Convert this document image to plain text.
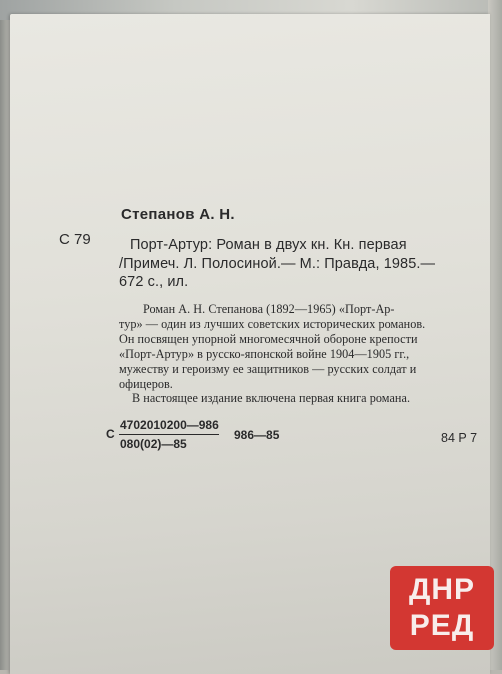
Степанов А. Н.
С 79	Порт-Артур: Роман в двух кн. Кн. первая
/Примеч. Л. Полосиной.— М.: Правда, 1985.—
672 с., ил.
Роман А. Н. Степанова (1892—1965) «Порт-Ар-
тур» — один из лучших советских исторических романов.
Он посвящен упорной многомесячной обороне крепости
«Порт-Артур» в русско-японской войне 1904—1905 гг.,
мужеству и героизму ее защитников — русских солдат и
офицеров.
В настоящее издание включена первая книга романа.
С
4702010200—986
080(02)—85
986—85	84 Р 7
ДНР
РЕД
